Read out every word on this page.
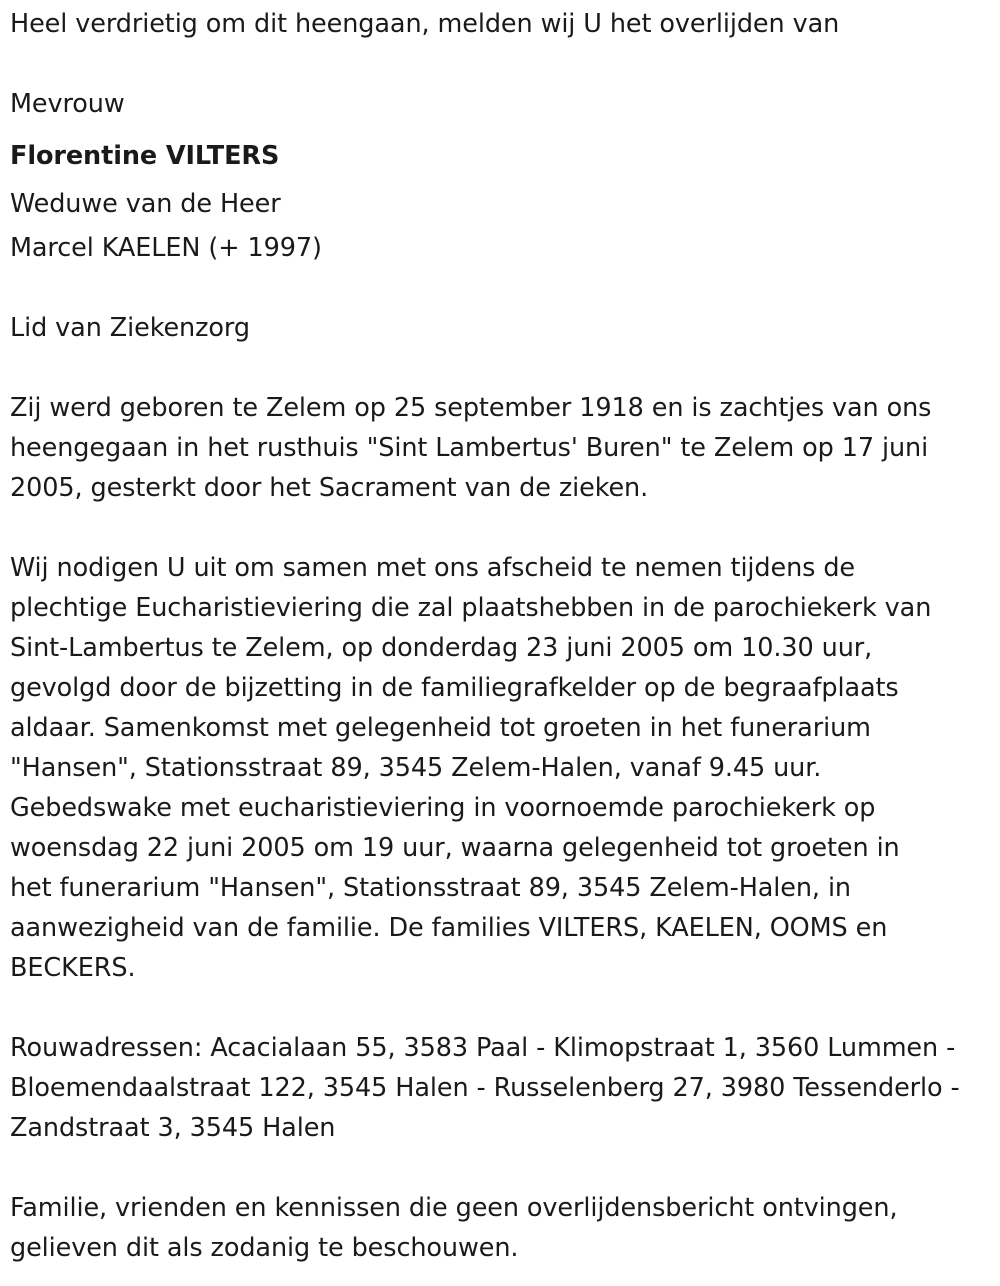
Heel verdrietig om dit heengaan, melden wij U het overlijden van

Mevrouw

Florentine VILTERS

Weduwe van de Heer

Marcel KAELEN (+ 1997)

Lid van Ziekenzorg

Zij werd geboren te Zelem op 25 september 1918 en is zachtjes van ons

heengegaan in het rusthuis "Sint Lambertus' Buren" te Zelem op 17 juni

2005, gesterkt door het Sacrament van de zieken.

Wij nodigen U uit om samen met ons afscheid te nemen tijdens de

plechtige Eucharistieviering die zal plaatshebben in de parochiekerk van

Sint-Lambertus te Zelem, op donderdag 23 juni 2005 om 10.30 uur,

gevolgd door de bijzetting in de familiegrafkelder op de begraafplaats

aldaar. Samenkomst met gelegenheid tot groeten in het funerarium

"Hansen", Stationsstraat 89, 3545 Zelem-Halen, vanaf 9.45 uur.

Gebedswake met eucharistieviering in voornoemde parochiekerk op

woensdag 22 juni 2005 om 19 uur, waarna gelegenheid tot groeten in

het funerarium "Hansen", Stationsstraat 89, 3545 Zelem-Halen, in

aanwezigheid van de familie. De families VILTERS, KAELEN, OOMS en

BECKERS.

Rouwadressen: Acacialaan 55, 3583 Paal - Klimopstraat 1, 3560 Lummen -

Bloemendaalstraat 122, 3545 Halen - Russelenberg 27, 3980 Tessenderlo -

Zandstraat 3, 3545 Halen

Familie, vrienden en kennissen die geen overlijdensbericht ontvingen,

gelieven dit als zodanig te beschouwen.
